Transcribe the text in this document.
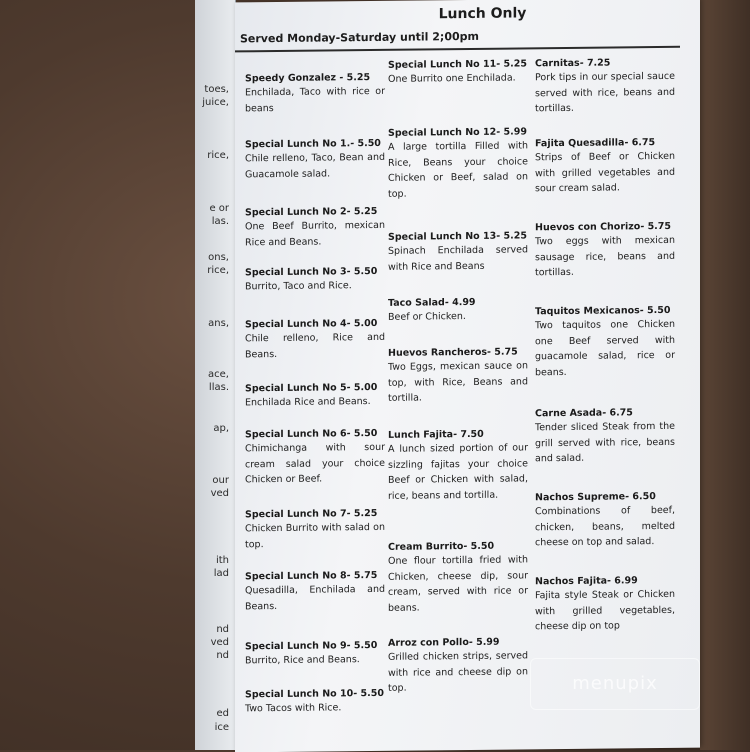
toes,
juice,
rice,
e or
las.
ons,
rice,
ans,
ace,
llas.
ap,
our
ved
ith
lad
nd
ved
nd
ed
ice
Lunch Only
Served Monday-Saturday until 2;00pm
Speedy Gonzalez - 5.25
Enchilada, Taco with rice or beans
Special Lunch No 1.- 5.50
Chile relleno, Taco, Bean and Guacamole salad.
Special Lunch No 2- 5.25
One Beef Burrito, mexican Rice and Beans.
Special Lunch No 3- 5.50
Burrito, Taco and Rice.
Special Lunch No 4- 5.00
Chile relleno, Rice and Beans.
Special Lunch No 5- 5.00
Enchilada Rice and Beans.
Special Lunch No 6- 5.50
Chimichanga with sour cream salad your choice Chicken or Beef.
Special Lunch No 7- 5.25
Chicken Burrito with salad on top.
Special Lunch No 8- 5.75
Quesadilla, Enchilada and Beans.
Special Lunch No 9- 5.50
Burrito, Rice and Beans.
Special Lunch No 10- 5.50
Two Tacos with Rice.
Special Lunch No 11- 5.25
One Burrito one Enchilada.
Special Lunch No 12- 5.99
A large tortilla Filled with Rice, Beans your choice Chicken or Beef, salad on top.
Special Lunch No 13- 5.25
Spinach Enchilada served with Rice and Beans
Taco Salad- 4.99
Beef or Chicken.
Huevos Rancheros- 5.75
Two Eggs, mexican sauce on top, with Rice, Beans and tortilla.
Lunch Fajita- 7.50
A lunch sized portion of our sizzling fajitas your choice Beef or Chicken with salad, rice, beans and tortilla.
Cream Burrito- 5.50
One flour tortilla fried with Chicken, cheese dip, sour cream, served with rice or beans.
Arroz con Pollo- 5.99
Grilled chicken strips, served with rice and cheese dip on top.
Carnitas- 7.25
Pork tips in our special sauce served with rice, beans and tortillas.
Fajita Quesadilla- 6.75
Strips of Beef or Chicken with grilled vegetables and sour cream salad.
Huevos con Chorizo- 5.75
Two eggs with mexican sausage rice, beans and tortillas.
Taquitos Mexicanos- 5.50
Two taquitos one Chicken one Beef served with guacamole salad, rice or beans.
Carne Asada- 6.75
Tender sliced Steak from the grill served with rice, beans and salad.
Nachos Supreme- 6.50
Combinations of beef, chicken, beans, melted cheese on top and salad.
Nachos Fajita- 6.99
Fajita style Steak or Chicken with grilled vegetables, cheese dip on top
menupix
